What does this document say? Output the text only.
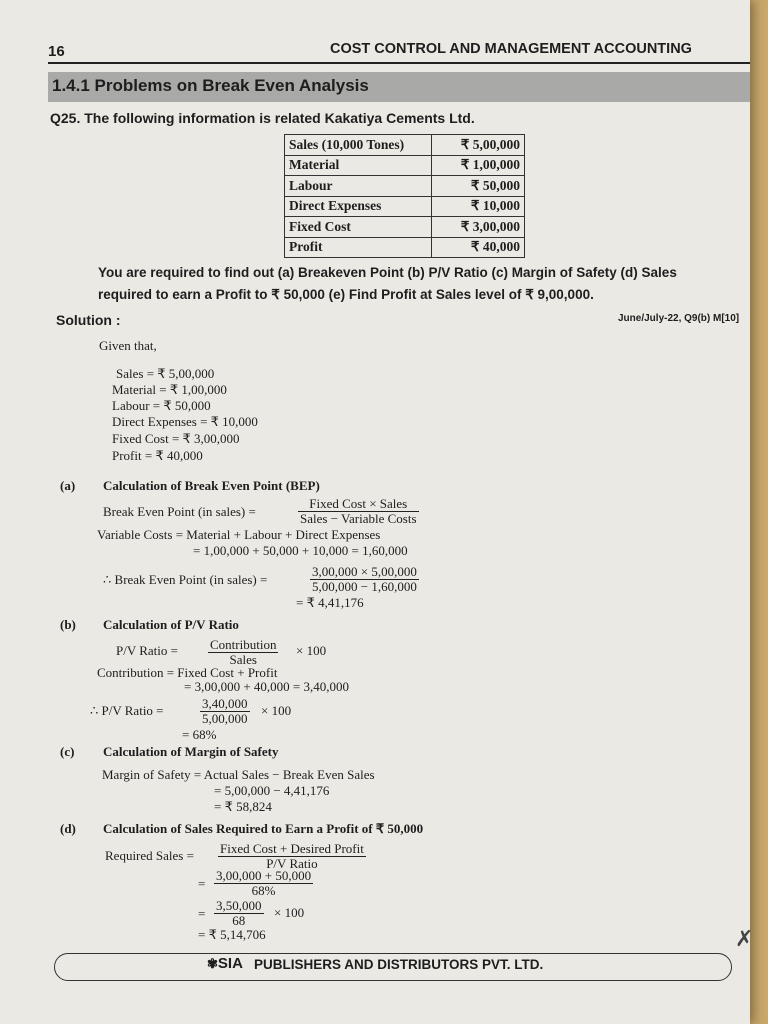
16	COST CONTROL AND MANAGEMENT ACCOUNTING
1.4.1 Problems on Break Even Analysis
Q25. The following information is related Kakatiya Cements Ltd.
Sales (10,000 Tones)	₹ 5,00,000
Material	₹ 1,00,000
Labour	₹ 50,000
Direct Expenses	₹ 10,000
Fixed Cost	₹ 3,00,000
Profit	₹ 40,000
You are required to find out (a) Breakeven Point (b) P/V Ratio (c) Margin of Safety (d) Sales
required to earn a Profit to ₹ 50,000 (e) Find Profit at Sales level of ₹ 9,00,000.
Solution :	June/July-22, Q9(b) M[10]
Given that,
Sales = ₹ 5,00,000
Material = ₹ 1,00,000
Labour = ₹ 50,000
Direct Expenses = ₹ 10,000
Fixed Cost = ₹ 3,00,000
Profit = ₹ 40,000
(a) Calculation of Break Even Point (BEP)
Break Even Point (in sales) =
Fixed Cost × Sales
Sales − Variable Costs
Variable Costs = Material + Labour + Direct Expenses
= 1,00,000 + 50,000 + 10,000 = 1,60,000
∴ Break Even Point (in sales) =	$\frac{3,00,000 \times 5,00,000}{5,00,000 - 1,60,000}$
= ₹ 4,41,176
(b) Calculation of P/V Ratio
P/V Ratio = Contribution
Sales
× 100
Contribution = Fixed Cost + Profit
= 3,00,000 + 40,000 = 3,40,000
∴ P/V Ratio =	$\frac{3,40,000}{5,00,000} \times 100$
= 68%
(c) Calculation of Margin of Safety
Margin of Safety = Actual Sales − Break Even Sales
= 5,00,000 − 4,41,176
= ₹ 58,824
(d) Calculation of Sales Required to Earn a Profit of ₹ 50,000
Required Sales = Fixed Cost + Desired Profit
P/V Ratio
= $\frac{3,00,000 + 50,000}{68\%}$
= $\frac{3,50,000}{68} \times 100$
= ₹ 5,14,706
✾SIA PUBLISHERS AND DISTRIBUTORS PVT. LTD.
✗
